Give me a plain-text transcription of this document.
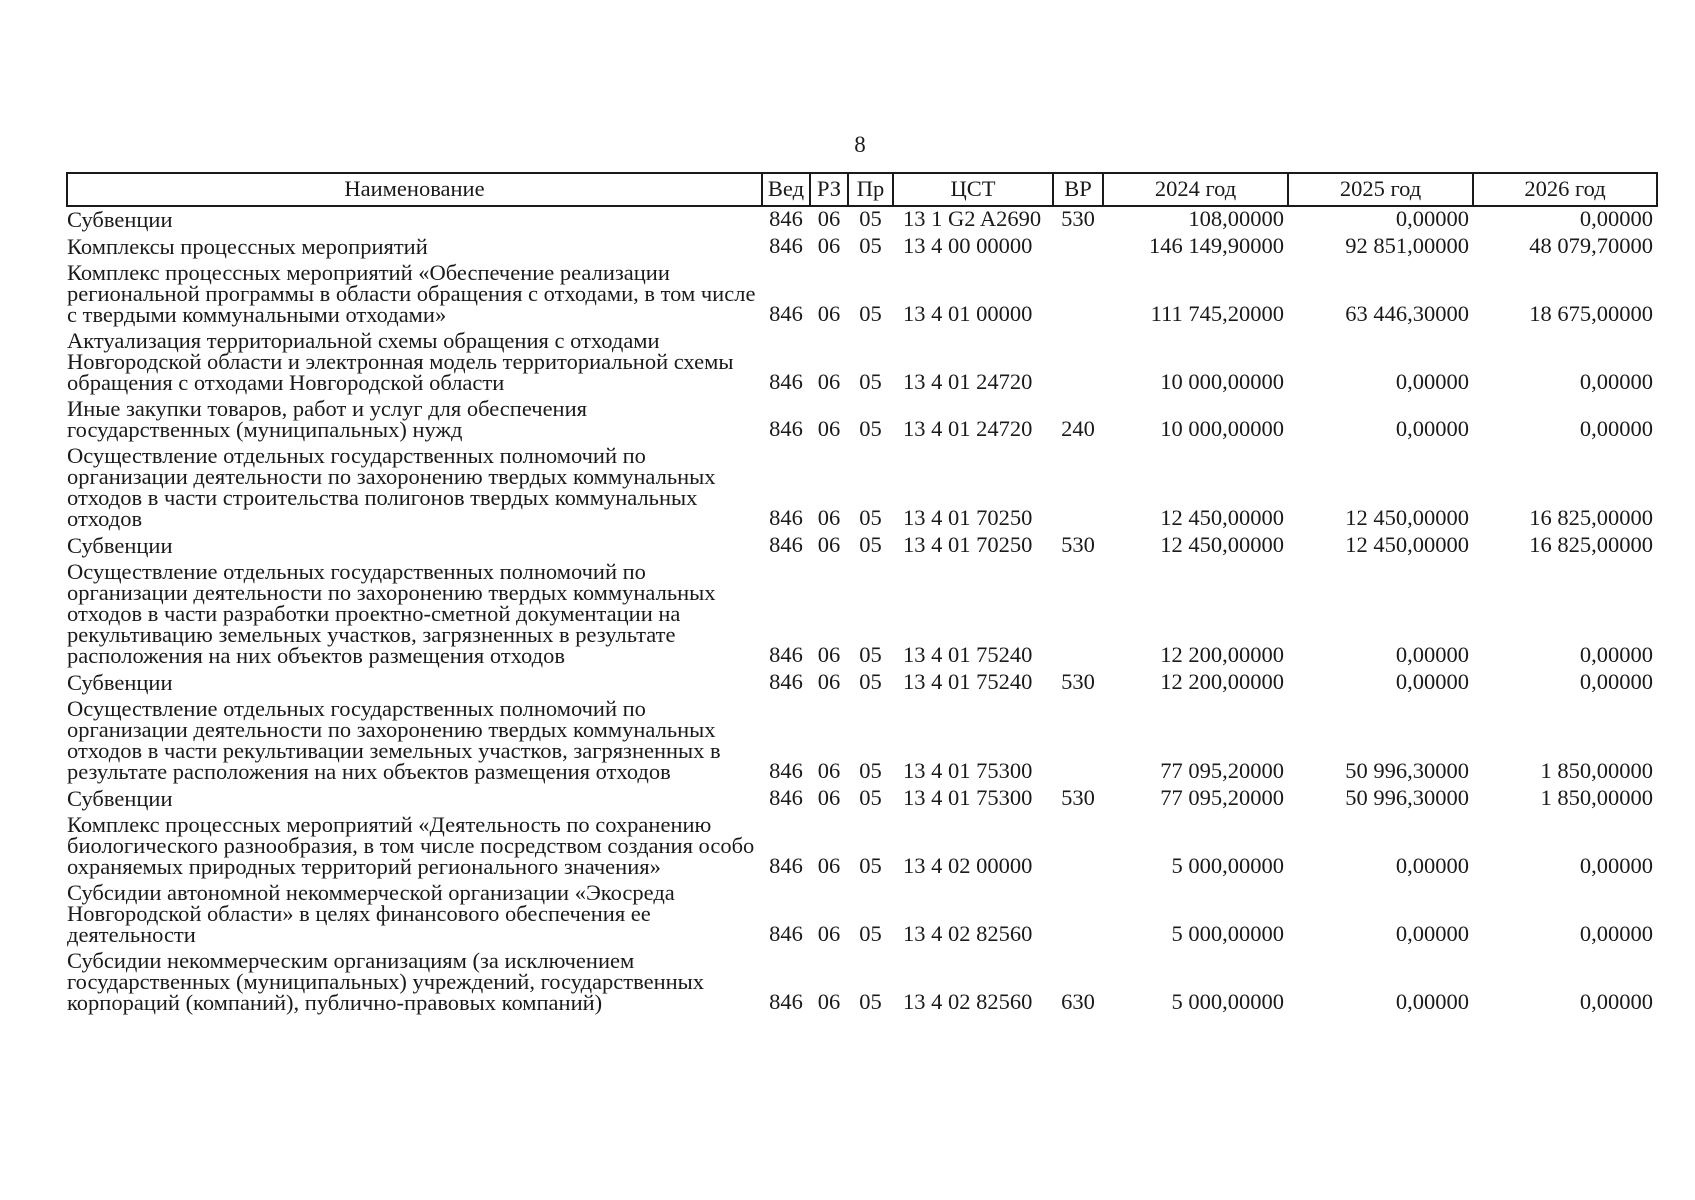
8
Наименование	Вед	РЗ	Пр	ЦСТ	ВР	2024 год	2025 год	2026 год
Субвенции	846	06	05	13 1 G2 A2690	530	108,00000	0,00000	0,00000
Комплексы процессных мероприятий	846	06	05	13 4 00 00000		146 149,90000	92 851,00000	48 079,70000
Комплекс процессных мероприятий «Обеспечение реализации региональной программы в области обращения с отходами, в том числе с твердыми коммунальными отходами»	846	06	05	13 4 01 00000		111 745,20000	63 446,30000	18 675,00000
Актуализация территориальной схемы обращения с отходами Новгородской области и электронная модель территориальной схемы обращения с отходами Новгородской области	846	06	05	13 4 01 24720		10 000,00000	0,00000	0,00000
Иные закупки товаров, работ и услуг для обеспечения государственных (муниципальных) нужд	846	06	05	13 4 01 24720	240	10 000,00000	0,00000	0,00000
Осуществление отдельных государственных полномочий по организации деятельности по захоронению твердых коммунальных отходов в части строительства полигонов твердых коммунальных отходов	846	06	05	13 4 01 70250		12 450,00000	12 450,00000	16 825,00000
Субвенции	846	06	05	13 4 01 70250	530	12 450,00000	12 450,00000	16 825,00000
Осуществление отдельных государственных полномочий по организации деятельности по захоронению твердых коммунальных отходов в части разработки проектно-сметной документации на рекультивацию земельных участков, загрязненных в результате расположения на них объектов размещения отходов	846	06	05	13 4 01 75240		12 200,00000	0,00000	0,00000
Субвенции	846	06	05	13 4 01 75240	530	12 200,00000	0,00000	0,00000
Осуществление отдельных государственных полномочий по организации деятельности по захоронению твердых коммунальных отходов в части рекультивации земельных участков, загрязненных в результате расположения на них объектов размещения отходов	846	06	05	13 4 01 75300		77 095,20000	50 996,30000	1 850,00000
Субвенции	846	06	05	13 4 01 75300	530	77 095,20000	50 996,30000	1 850,00000
Комплекс процессных мероприятий «Деятельность по сохранению биологического разнообразия, в том числе посредством создания особо охраняемых природных территорий регионального значения»	846	06	05	13 4 02 00000		5 000,00000	0,00000	0,00000
Субсидии автономной некоммерческой организации «Экосреда Новгородской области» в целях финансового обеспечения ее деятельности	846	06	05	13 4 02 82560		5 000,00000	0,00000	0,00000
Субсидии некоммерческим организациям (за исключением государственных (муниципальных) учреждений, государственных корпораций (компаний), публично-правовых компаний)	846	06	05	13 4 02 82560	630	5 000,00000	0,00000	0,00000
